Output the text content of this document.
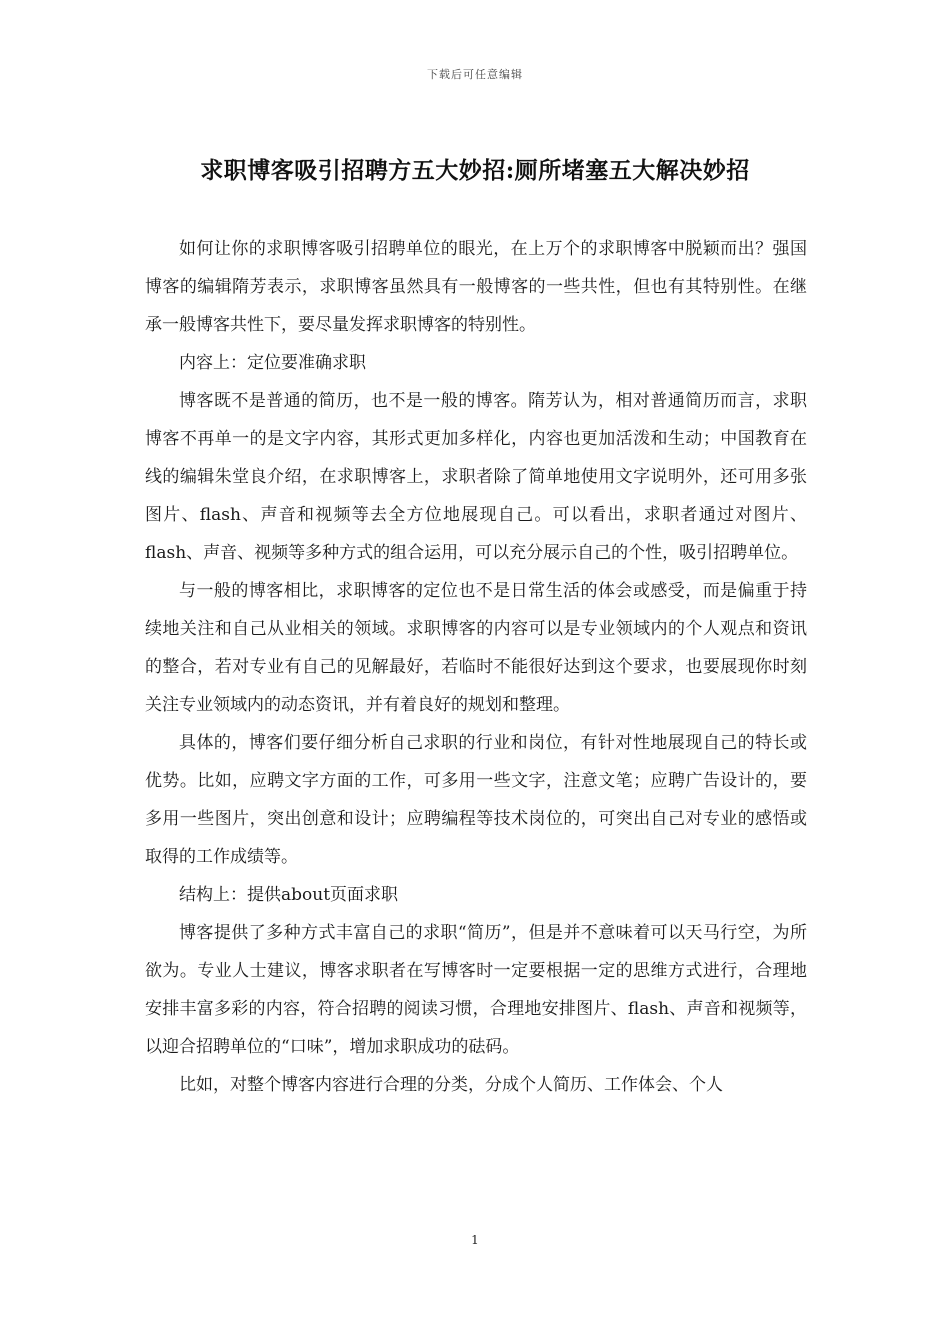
下载后可任意编辑
求职博客吸引招聘方五大妙招:厕所堵塞五大解决妙招

如何让你的求职博客吸引招聘单位的眼光，在上万个的求职博客中脱颖而出？强国博客的编辑隋芳表示，求职博客虽然具有一般博客的一些共性，但也有其特别性。在继承一般博客共性下，要尽量发挥求职博客的特别性。

内容上：定位要准确求职

博客既不是普通的简历，也不是一般的博客。隋芳认为，相对普通简历而言，求职博客不再单一的是文字内容，其形式更加多样化，内容也更加活泼和生动；中国教育在线的编辑朱堂良介绍，在求职博客上，求职者除了简单地使用文字说明外，还可用多张图片、flash、声音和视频等去全方位地展现自己。可以看出，求职者通过对图片、flash、声音、视频等多种方式的组合运用，可以充分展示自己的个性，吸引招聘单位。

与一般的博客相比，求职博客的定位也不是日常生活的体会或感受，而是偏重于持续地关注和自己从业相关的领域。求职博客的内容可以是专业领域内的个人观点和资讯的整合，若对专业有自己的见解最好，若临时不能很好达到这个要求，也要展现你时刻关注专业领域内的动态资讯，并有着良好的规划和整理。

具体的，博客们要仔细分析自己求职的行业和岗位，有针对性地展现自己的特长或优势。比如，应聘文字方面的工作，可多用一些文字，注意文笔；应聘广告设计的，要多用一些图片，突出创意和设计；应聘编程等技术岗位的，可突出自己对专业的感悟或取得的工作成绩等。

结构上：提供about页面求职

博客提供了多种方式丰富自己的求职“简历”，但是并不意味着可以天马行空，为所欲为。专业人士建议，博客求职者在写博客时一定要根据一定的思维方式进行，合理地安排丰富多彩的内容，符合招聘的阅读习惯，合理地安排图片、flash、声音和视频等，以迎合招聘单位的“口味”，增加求职成功的砝码。

比如，对整个博客内容进行合理的分类，分成个人简历、工作体会、个人

1
